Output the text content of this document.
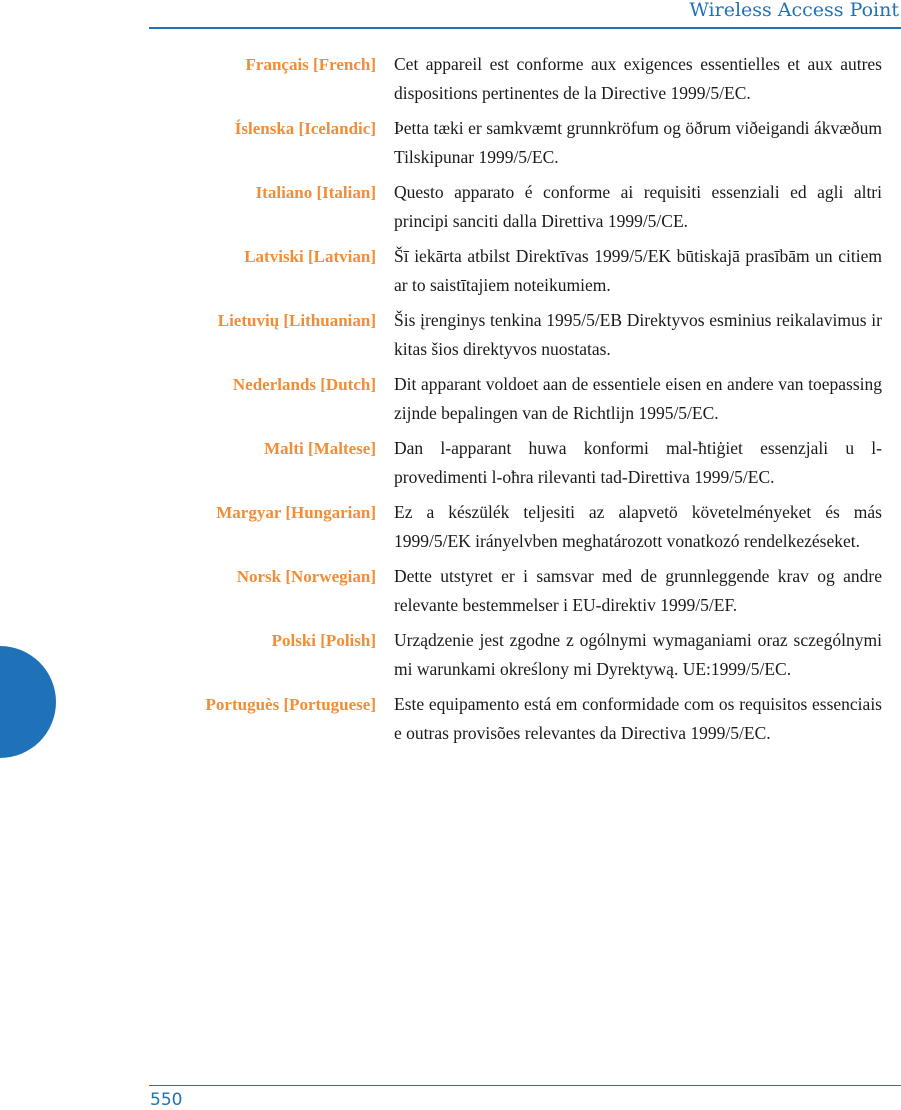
Wireless Access Point
Français [French]	Cet appareil est conforme aux exigences essentielles et aux autres dispositions pertinentes de la Directive 1999/5/EC.
Íslenska [Icelandic]	Þetta tæki er samkvæmt grunnkröfum og öðrum viðeigandi ákvæðum Tilskipunar 1999/5/EC.
Italiano [Italian]	Questo apparato é conforme ai requisiti essenziali ed agli altri principi sanciti dalla Direttiva 1999/5/CE.
Latviski [Latvian]	Šī iekārta atbilst Direktīvas 1999/5/EK būtiskajā prasībām un citiem ar to saistītajiem noteikumiem.
Lietuvių [Lithuanian]	Šis įrenginys tenkina 1995/5/EB Direktyvos esminius reikalavimus ir kitas šios direktyvos nuostatas.
Nederlands [Dutch]	Dit apparant voldoet aan de essentiele eisen en andere van toepassing zijnde bepalingen van de Richtlijn 1995/5/EC.
Malti [Maltese]	Dan l-apparant huwa konformi mal-ħtiġiet essenzjali u l-provedimenti l-oħra rilevanti tad-Direttiva 1999/5/EC.
Margyar [Hungarian]	Ez a készülék teljesiti az alapvetö követelményeket és más 1999/5/EK irányelvben meghatározott vonatkozó rendelkezéseket.
Norsk [Norwegian]	Dette utstyret er i samsvar med de grunnleggende krav og andre relevante bestemmelser i EU-direktiv 1999/5/EF.
Polski [Polish]	Urządzenie jest zgodne z ogólnymi wymaganiami oraz sczególnymi mi warunkami określony mi Dyrektywą. UE:1999/5/EC.
Portuguès [Portuguese]	Este equipamento está em conformidade com os requisitos essenciais e outras provisões relevantes da Directiva 1999/5/EC.
550
